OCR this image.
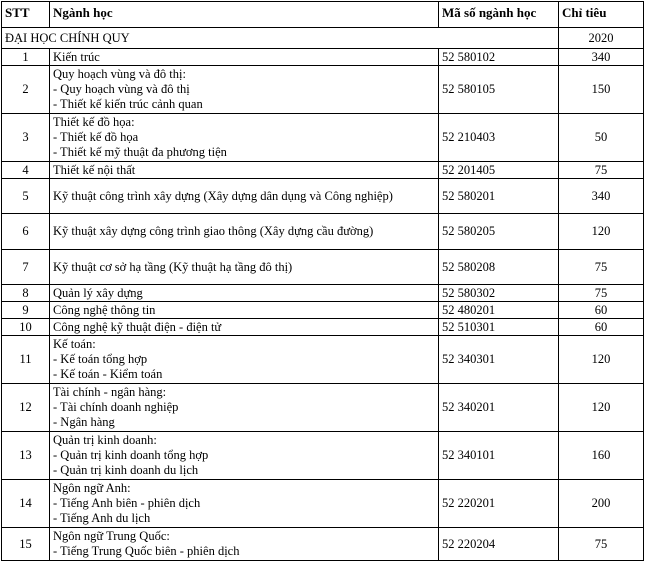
STT	Ngành học	Mã số ngành học	Chỉ tiêu
ĐẠI HỌC CHÍNH QUY			2020
1	Kiến trúc	52 580102	340
2	Quy hoạch vùng và đô thị:
- Quy hoạch vùng và đô thị
- Thiết kế kiến trúc cảnh quan	52 580105	150
3	Thiết kế đồ họa:
- Thiết kế đồ họa
- Thiết kế mỹ thuật đa phương tiện	52 210403	50
4	Thiết kế nội thất	52 201405	75
5	Kỹ thuật công trình xây dựng (Xây dựng dân dụng và Công nghiệp)	52 580201	340
6	Kỹ thuật xây dựng công trình giao thông (Xây dựng cầu đường)	52 580205	120
7	Kỹ thuật cơ sở hạ tầng (Kỹ thuật hạ tầng đô thị)	52 580208	75
8	Quản lý xây dựng	52 580302	75
9	Công nghệ thông tin	52 480201	60
10	Công nghệ kỹ thuật điện - điện tử	52 510301	60
11	Kế toán:
- Kế toán tổng hợp
- Kế toán - Kiểm toán	52 340301	120
12	Tài chính - ngân hàng:
- Tài chính doanh nghiệp
- Ngân hàng	52 340201	120
13	Quản trị kinh doanh:
- Quản trị kinh doanh tổng hợp
- Quản trị kinh doanh du lịch	52 340101	160
14	Ngôn ngữ Anh:
- Tiếng Anh biên - phiên dịch
- Tiếng Anh du lịch	52 220201	200
15	Ngôn ngữ Trung Quốc:
- Tiếng Trung Quốc biên - phiên dịch	52 220204	75
